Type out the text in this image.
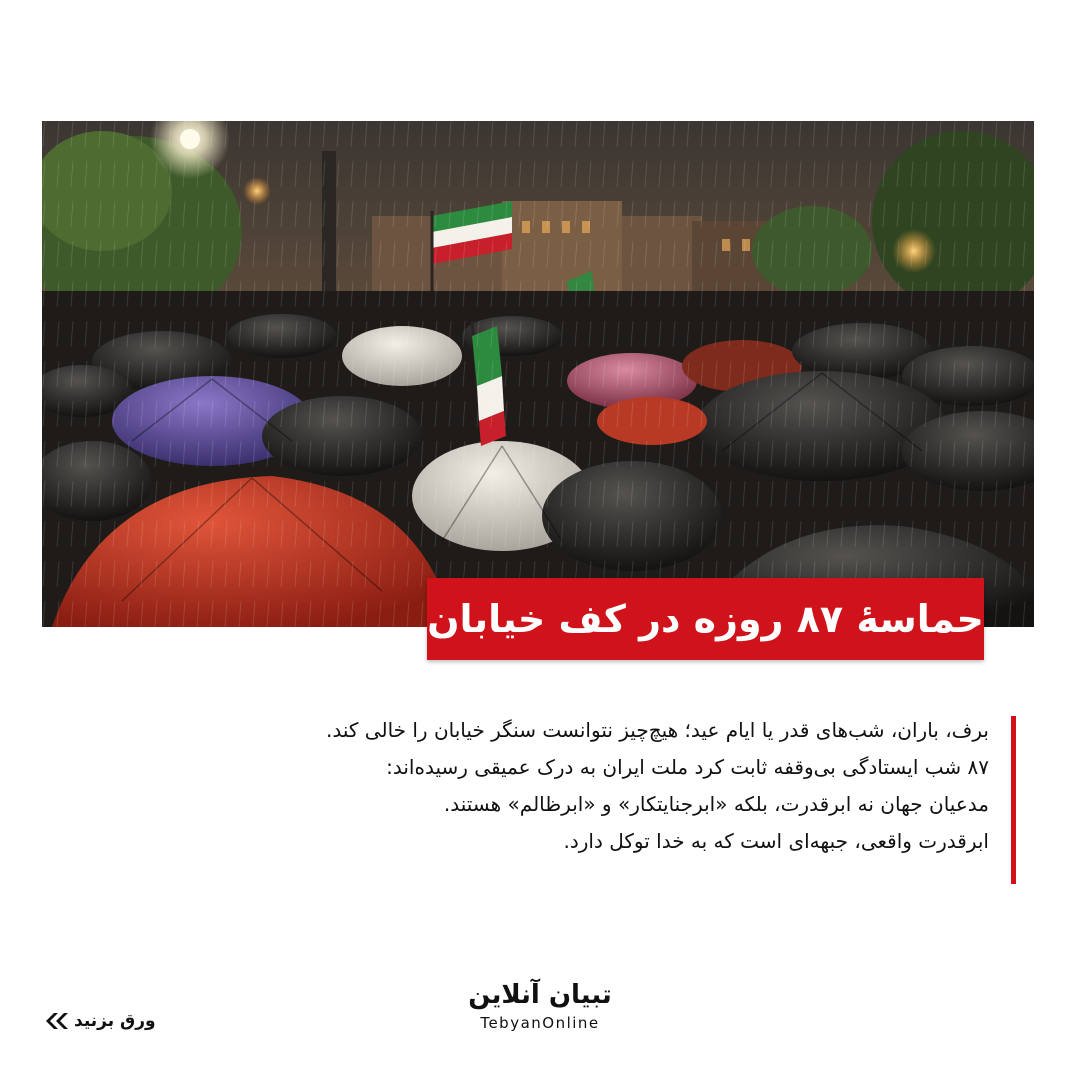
حماسهٔ ۸۷ روزه در کف خیابان
برف، باران، شب‌های قدر یا ایام عید؛ هیچ‌چیز نتوانست سنگر خیابان را خالی کند.
۸۷ شب ایستادگی بی‌وقفه ثابت کرد ملت ایران به درک عمیقی رسیده‌اند:
مدعیان جهان نه ابرقدرت، بلکه «ابرجنایتکار» و «ابرظالم» هستند.
ابرقدرت واقعی، جبهه‌ای است که به خدا توکل دارد.
تبیان آنلاین
TebyanOnline
ورق بزنید
